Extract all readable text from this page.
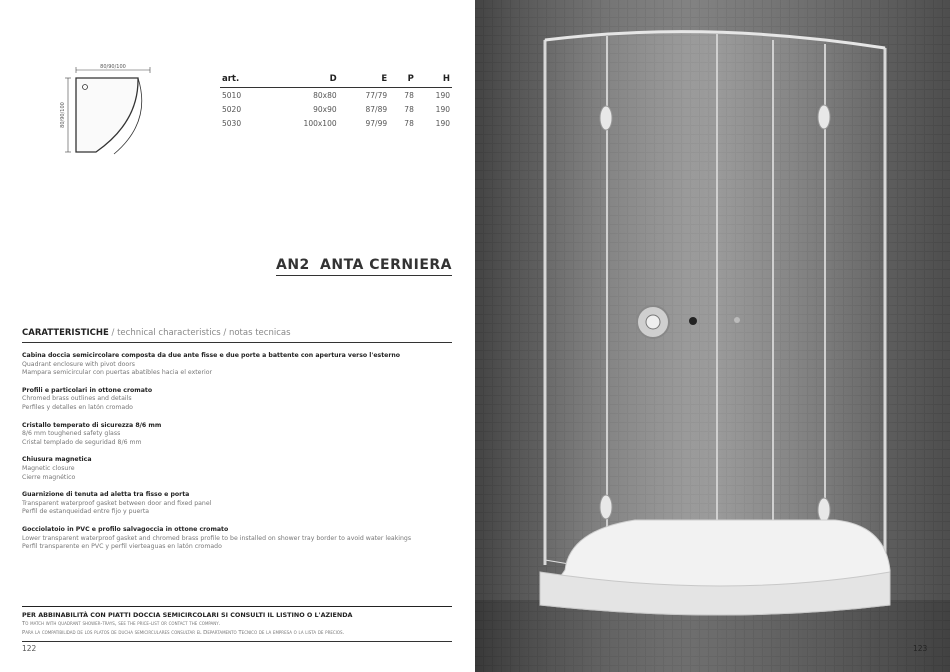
80/90/100
80/90/100
art.	D	E	P	H
5010	80x80	77/79	78	190
5020	90x90	87/89	78	190
5030	100x100	97/99	78	190
AN2 ANTA CERNIERA
CARATTERISTICHE / technical characteristics / notas tecnicas
Cabina doccia semicircolare composta da due ante fisse e due porte a battente con apertura verso l'esterno
Quadrant enclosure with pivot doors
Mampara semicircular con puertas abatibles hacia el exterior
Profili e particolari in ottone cromato
Chromed brass outlines and details
Perfiles y detalles en latón cromado
Cristallo temperato di sicurezza 8/6 mm
8/6 mm toughened safety glass
Cristal templado de seguridad 8/6 mm
Chiusura magnetica
Magnetic closure
Cierre magnético
Guarnizione di tenuta ad aletta tra fisso e porta
Transparent waterproof gasket between door and fixed panel
Perfil de estanqueidad entre fijo y puerta
Gocciolatoio in PVC e profilo salvagoccia in ottone cromato
Lower transparent waterproof gasket and chromed brass profile to be installed on shower tray border to avoid water leakings
Perfil transparente en PVC y perfil vierteaguas en latón cromado
PER ABBINABILITÀ CON PIATTI DOCCIA SEMICIRCOLARI SI CONSULTI IL LISTINO O L'AZIENDA
To match with quadrant shower-trays, see the price-list or contact the company.
Para la compatibilidad de los platos de ducha semicirculares consultar el Departamento Tecnico de la empresa o la lista de precios.
122	123
